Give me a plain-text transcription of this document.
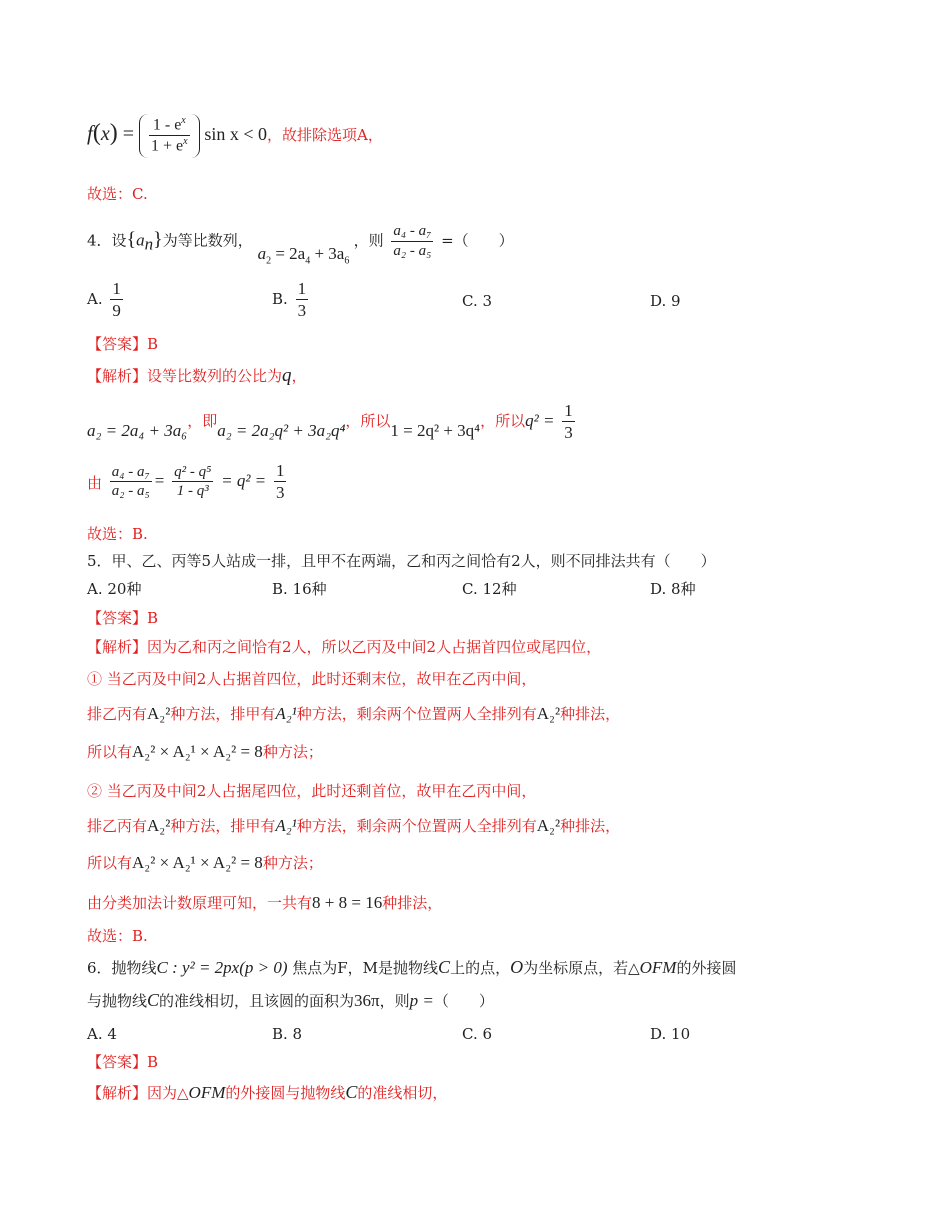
$f(x) = \frac{1 - e^x}{1 + e^x}$ sin x < 0，故排除选项A，
故选：C.
4．设$\{a_n\}$为等比数列， $a_2 = 2a_4 + 3a_6$ ，则 $\frac{\text{a₄ - a₇}}{\text{a₂ - a₅}}$ =（　　）
A. $\frac{1}{9}$	B. $\frac{1}{3}$	C. 3	D. 9
【答案】B
【解析】设等比数列的公比为q，
a₂ = 2a₄ + 3a₆，即a₂ = 2a₂q² + 3a₂q⁴，所以1 = 2q² + 3q⁴，所以$q^2 = \frac{1}{3}$
由 $\frac{\text{a₄ - a₇}}{\text{a₂ - a₅}} = \frac{\text{q² - q⁵}}{\text{1 - q³}} = q^2 = \frac{1}{3}$
故选：B.
5．甲、乙、丙等5人站成一排，且甲不在两端，乙和丙之间恰有2人，则不同排法共有（　　）
A. 20种	B. 16种	C. 12种	D. 8种
【答案】B
【解析】因为乙和丙之间恰有2人，所以乙丙及中间2人占据首四位或尾四位，
① 当乙丙及中间2人占据首四位，此时还剩末位，故甲在乙丙中间，
排乙丙有A₂²种方法，排甲有A₂¹种方法，剩余两个位置两人全排列有A₂²种排法，
所以有A₂² × A₂¹ × A₂² = 8种方法；
② 当乙丙及中间2人占据尾四位，此时还剩首位，故甲在乙丙中间，
排乙丙有A₂²种方法，排甲有A₂¹种方法，剩余两个位置两人全排列有A₂²种排法，
所以有A₂² × A₂¹ × A₂² = 8种方法；
由分类加法计数原理可知，一共有8 + 8 = 16种排法，
故选：B.
6．抛物线C : y² = 2px(p > 0) 焦点为F，M是抛物线C上的点，O为坐标原点，若△OFM的外接圆
与抛物线C的准线相切，且该圆的面积为36π，则p =（　　）
A. 4	B. 8	C. 6	D. 10
【答案】B
【解析】因为△OFM的外接圆与抛物线C的准线相切，
